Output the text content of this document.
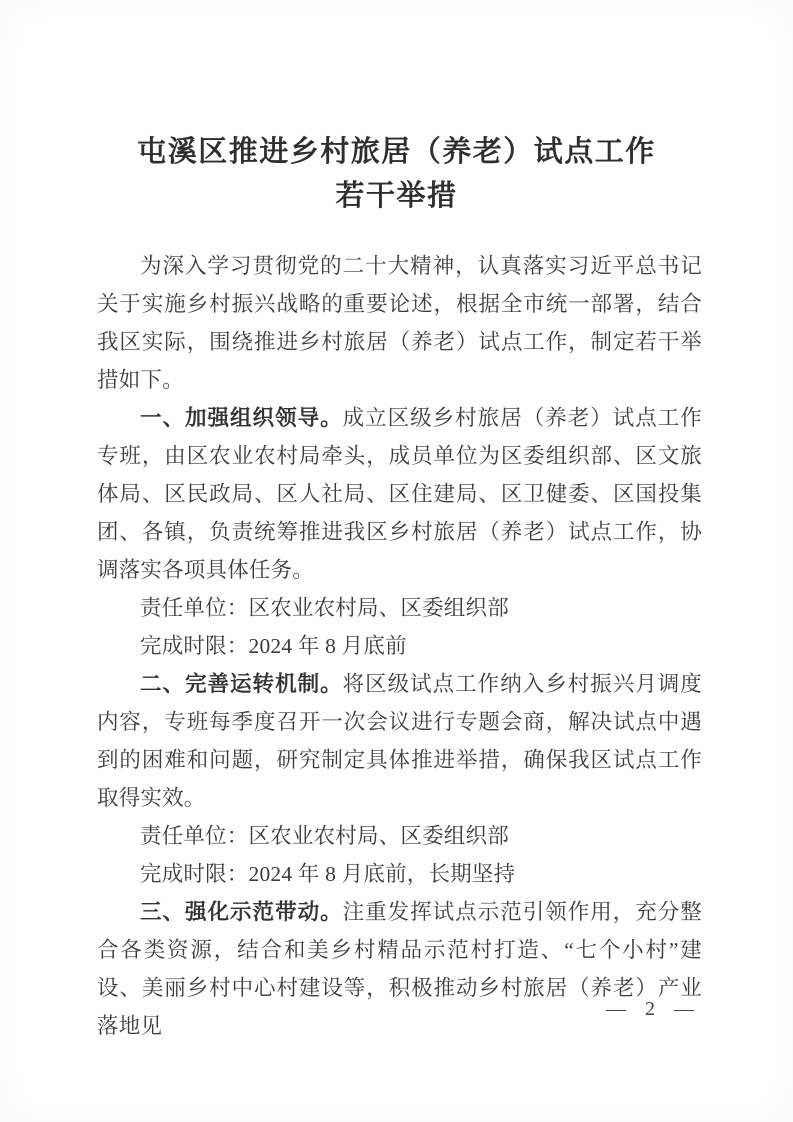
屯溪区推进乡村旅居（养老）试点工作
若干举措

为深入学习贯彻党的二十大精神，认真落实习近平总书记关于实施乡村振兴战略的重要论述，根据全市统一部署，结合我区实际，围绕推进乡村旅居（养老）试点工作，制定若干举措如下。

一、加强组织领导。成立区级乡村旅居（养老）试点工作专班，由区农业农村局牵头，成员单位为区委组织部、区文旅体局、区民政局、区人社局、区住建局、区卫健委、区国投集团、各镇，负责统筹推进我区乡村旅居（养老）试点工作，协调落实各项具体任务。

责任单位：区农业农村局、区委组织部

完成时限：2024 年 8 月底前

二、完善运转机制。将区级试点工作纳入乡村振兴月调度内容，专班每季度召开一次会议进行专题会商，解决试点中遇到的困难和问题，研究制定具体推进举措，确保我区试点工作取得实效。

责任单位：区农业农村局、区委组织部

完成时限：2024 年 8 月底前，长期坚持

三、强化示范带动。注重发挥试点示范引领作用，充分整合各类资源，结合和美乡村精品示范村打造、“七个小村”建设、美丽乡村中心村建设等，积极推动乡村旅居（养老）产业落地见

— 2 —
